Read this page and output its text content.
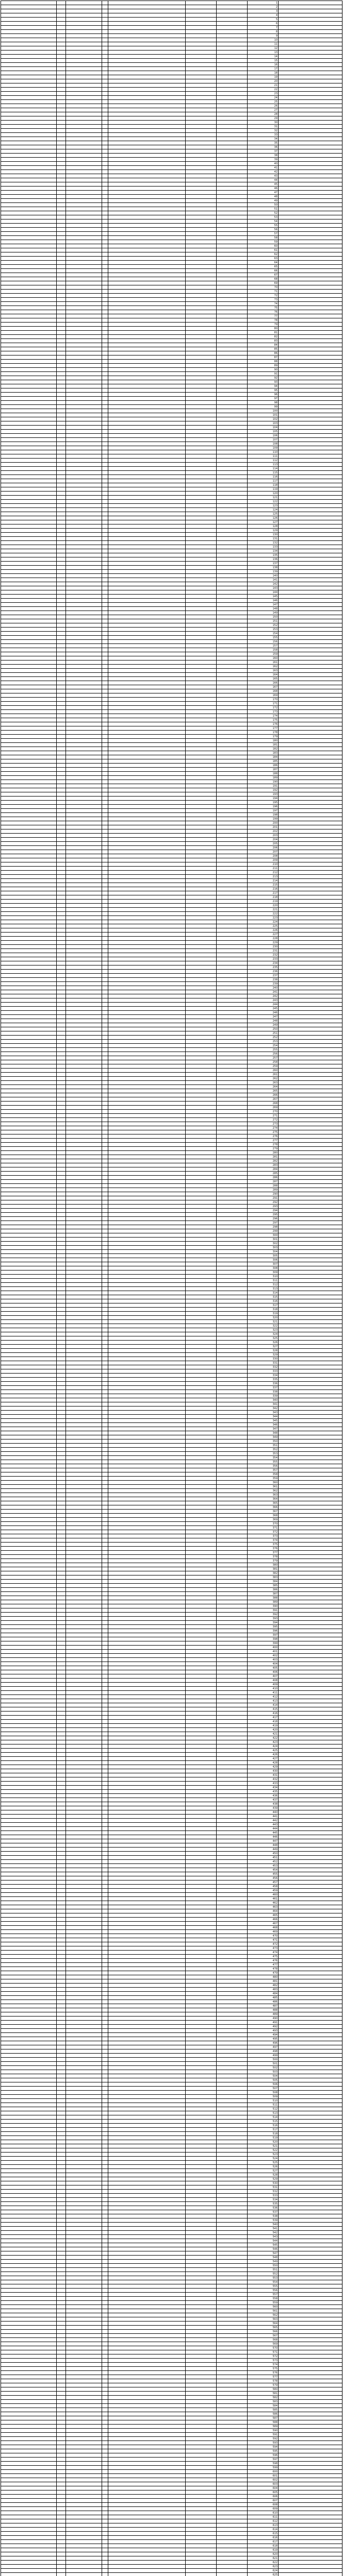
							1	
							2	
							3	
							4	
							5	
							6	
							7	
							8	
							9	
							10	
							11	
							12	
							13	
							14	
							15	
							16	
							17	
							18	
							19	
							20	
							21	
							22	
							23	
							24	
							25	
							26	
							27	
							28	
							29	
							30	
							31	
							32	
							33	
							34	
							35	
							36	
							37	
							38	
							39	
							40	
							41	
							42	
							43	
							44	
							45	
							46	
							47	
							48	
							49	
							50	
							51	
							52	
							53	
							54	
							55	
							56	
							57	
							58	
							59	
							60	
							61	
							62	
							63	
							64	
							65	
							66	
							67	
							68	
							69	
							70	
							71	
							72	
							73	
							74	
							75	
							76	
							77	
							78	
							79	
							80	
							81	
							82	
							83	
							84	
							85	
							86	
							87	
							88	
							89	
							90	
							91	
							92	
							93	
							94	
							95	
							96	
							97	
							98	
							99	
							100	
							101	
							102	
							103	
							104	
							105	
							106	
							107	
							108	
							109	
							110	
							111	
							112	
							113	
							114	
							115	
							116	
							117	
							118	
							119	
							120	
							121	
							122	
							123	
							124	
							125	
							126	
							127	
							128	
							129	
							130	
							131	
							132	
							133	
							134	
							135	
							136	
							137	
							138	
							139	
							140	
							141	
							142	
							143	
							144	
							145	
							146	
							147	
							148	
							149	
							150	
							151	
							152	
							153	
							154	
							155	
							156	
							157	
							158	
							159	
							160	
							161	
							162	
							163	
							164	
							165	
							166	
							167	
							168	
							169	
							170	
							171	
							172	
							173	
							174	
							175	
							176	
							177	
							178	
							179	
							180	
							181	
							182	
							183	
							184	
							185	
							186	
							187	
							188	
							189	
							190	
							191	
							192	
							193	
							194	
							195	
							196	
							197	
							198	
							199	
							200	
							201	
							202	
							203	
							204	
							205	
							206	
							207	
							208	
							209	
							210	
							211	
							212	
							213	
							214	
							215	
							216	
							217	
							218	
							219	
							220	
							221	
							222	
							223	
							224	
							225	
							226	
							227	
							228	
							229	
							230	
							231	
							232	
							233	
							234	
							235	
							236	
							237	
							238	
							239	
							240	
							241	
							242	
							243	
							244	
							245	
							246	
							247	
							248	
							249	
							250	
							251	
							252	
							253	
							254	
							255	
							256	
							257	
							258	
							259	
							260	
							261	
							262	
							263	
							264	
							265	
							266	
							267	
							268	
							269	
							270	
							271	
							272	
							273	
							274	
							275	
							276	
							277	
							278	
							279	
							280	
							281	
							282	
							283	
							284	
							285	
							286	
							287	
							288	
							289	
							290	
							291	
							292	
							293	
							294	
							295	
							296	
							297	
							298	
							299	
							300	
							301	
							302	
							303	
							304	
							305	
							306	
							307	
							308	
							309	
							310	
							311	
							312	
							313	
							314	
							315	
							316	
							317	
							318	
							319	
							320	
							321	
							322	
							323	
							324	
							325	
							326	
							327	
							328	
							329	
							330	
							331	
							332	
							333	
							334	
							335	
							336	
							337	
							338	
							339	
							340	
							341	
							342	
							343	
							344	
							345	
							346	
							347	
							348	
							349	
							350	
							351	
							352	
							353	
							354	
							355	
							356	
							357	
							358	
							359	
							360	
							361	
							362	
							363	
							364	
							365	
							366	
							367	
							368	
							369	
							370	
							371	
							372	
							373	
							374	
							375	
							376	
							377	
							378	
							379	
							380	
							381	
							382	
							383	
							384	
							385	
							386	
							387	
							388	
							389	
							390	
							391	
							392	
							393	
							394	
							395	
							396	
							397	
							398	
							399	
							400	
							401	
							402	
							403	
							404	
							405	
							406	
							407	
							408	
							409	
							410	
							411	
							412	
							413	
							414	
							415	
							416	
							417	
							418	
							419	
							420	
							421	
							422	
							423	
							424	
							425	
							426	
							427	
							428	
							429	
							430	
							431	
							432	
							433	
							434	
							435	
							436	
							437	
							438	
							439	
							440	
							441	
							442	
							443	
							444	
							445	
							446	
							447	
							448	
							449	
							450	
							451	
							452	
							453	
							454	
							455	
							456	
							457	
							458	
							459	
							460	
							461	
							462	
							463	
							464	
							465	
							466	
							467	
							468	
							469	
							470	
							471	
							472	
							473	
							474	
							475	
							476	
							477	
							478	
							479	
							480	
							481	
							482	
							483	
							484	
							485	
							486	
							487	
							488	
							489	
							490	
							491	
							492	
							493	
							494	
							495	
							496	
							497	
							498	
							499	
							500	
							501	
							502	
							503	
							504	
							505	
							506	
							507	
							508	
							509	
							510	
							511	
							512	
							513	
							514	
							515	
							516	
							517	
							518	
							519	
							520	
							521	
							522	
							523	
							524	
							525	
							526	
							527	
							528	
							529	
							530	
							531	
							532	
							533	
							534	
							535	
							536	
							537	
							538	
							539	
							540	
							541	
							542	
							543	
							544	
							545	
							546	
							547	
							548	
							549	
							550	
							551	
							552	
							553	
							554	
							555	
							556	
							557	
							558	
							559	
							560	
							561	
							562	
							563	
							564	
							565	
							566	
							567	
							568	
							569	
							570	
							571	
							572	
							573	
							574	
							575	
							576	
							577	
							578	
							579	
							580	
							581	
							582	
							583	
							584	
							585	
							586	
							587	
							588	
							589	
							590	
							591	
							592	
							593	
							594	
							595	
							596	
							597	
							598	
							599	
							600	
							601	
							602	
							603	
							604	
							605	
							606	
							607	
							608	
							609	
							610	
							611	
							612	
							613	
							614	
							615	
							616	
							617	
							618	
							619	
							620	
							621	
							622	
							623	
							624	
							625	
